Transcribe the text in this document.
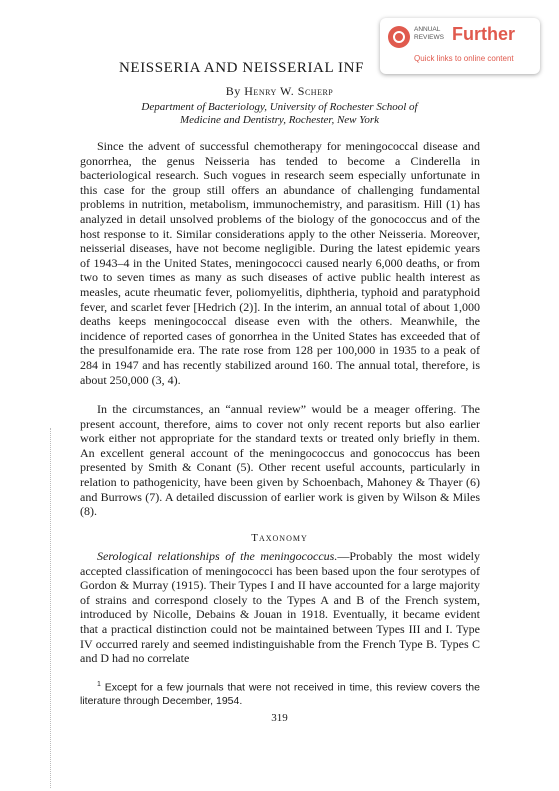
NEISSERIA AND NEISSERIAL INF
By Henry W. Scherp
Department of Bacteriology, University of Rochester School of
Medicine and Dentistry, Rochester, New York

Since the advent of successful chemotherapy for meningococcal disease and gonorrhea, the genus Neisseria has tended to become a Cinderella in bacteriological research. Such vogues in research seem especially unfortunate in this case for the group still offers an abundance of challenging fundamental problems in nutrition, metabolism, immunochemistry, and parasitism. Hill (1) has analyzed in detail unsolved problems of the biology of the gonococcus and of the host response to it. Similar considerations apply to the other Neisseria. Moreover, neisserial diseases, have not become negligible. During the latest epidemic years of 1943–4 in the United States, meningococci caused nearly 6,000 deaths, or from two to seven times as many as such diseases of active public health interest as measles, acute rheumatic fever, poliomyelitis, diphtheria, typhoid and paratyphoid fever, and scarlet fever [Hedrich (2)]. In the interim, an annual total of about 1,000 deaths keeps meningococcal disease even with the others. Meanwhile, the incidence of reported cases of gonorrhea in the United States has exceeded that of the presulfonamide era. The rate rose from 128 per 100,000 in 1935 to a peak of 284 in 1947 and has recently stabilized around 160. The annual total, therefore, is about 250,000 (3, 4).

In the circumstances, an “annual review” would be a meager offering. The present account, therefore, aims to cover not only recent reports but also earlier work either not appropriate for the standard texts or treated only briefly in them. An excellent general account of the meningococcus and gonococcus has been presented by Smith & Conant (5). Other recent useful accounts, particularly in relation to pathogenicity, have been given by Schoenbach, Mahoney & Thayer (6) and Burrows (7). A detailed discussion of earlier work is given by Wilson & Miles (8).

Taxonomy

Serological relationships of the meningococcus.—Probably the most widely accepted classification of meningococci has been based upon the four serotypes of Gordon & Murray (1915). Their Types I and II have accounted for a large majority of strains and correspond closely to the Types A and B of the French system, introduced by Nicolle, Debains & Jouan in 1918. Eventually, it became evident that a practical distinction could not be maintained between Types III and I. Type IV occurred rarely and seemed indistinguishable from the French Type B. Types C and D had no correlate

$^1$ Except for a few journals that were not received in time, this review covers the literature through December, 1954.
319
ANNUAL
REVIEWS Further
Quick links to online content
